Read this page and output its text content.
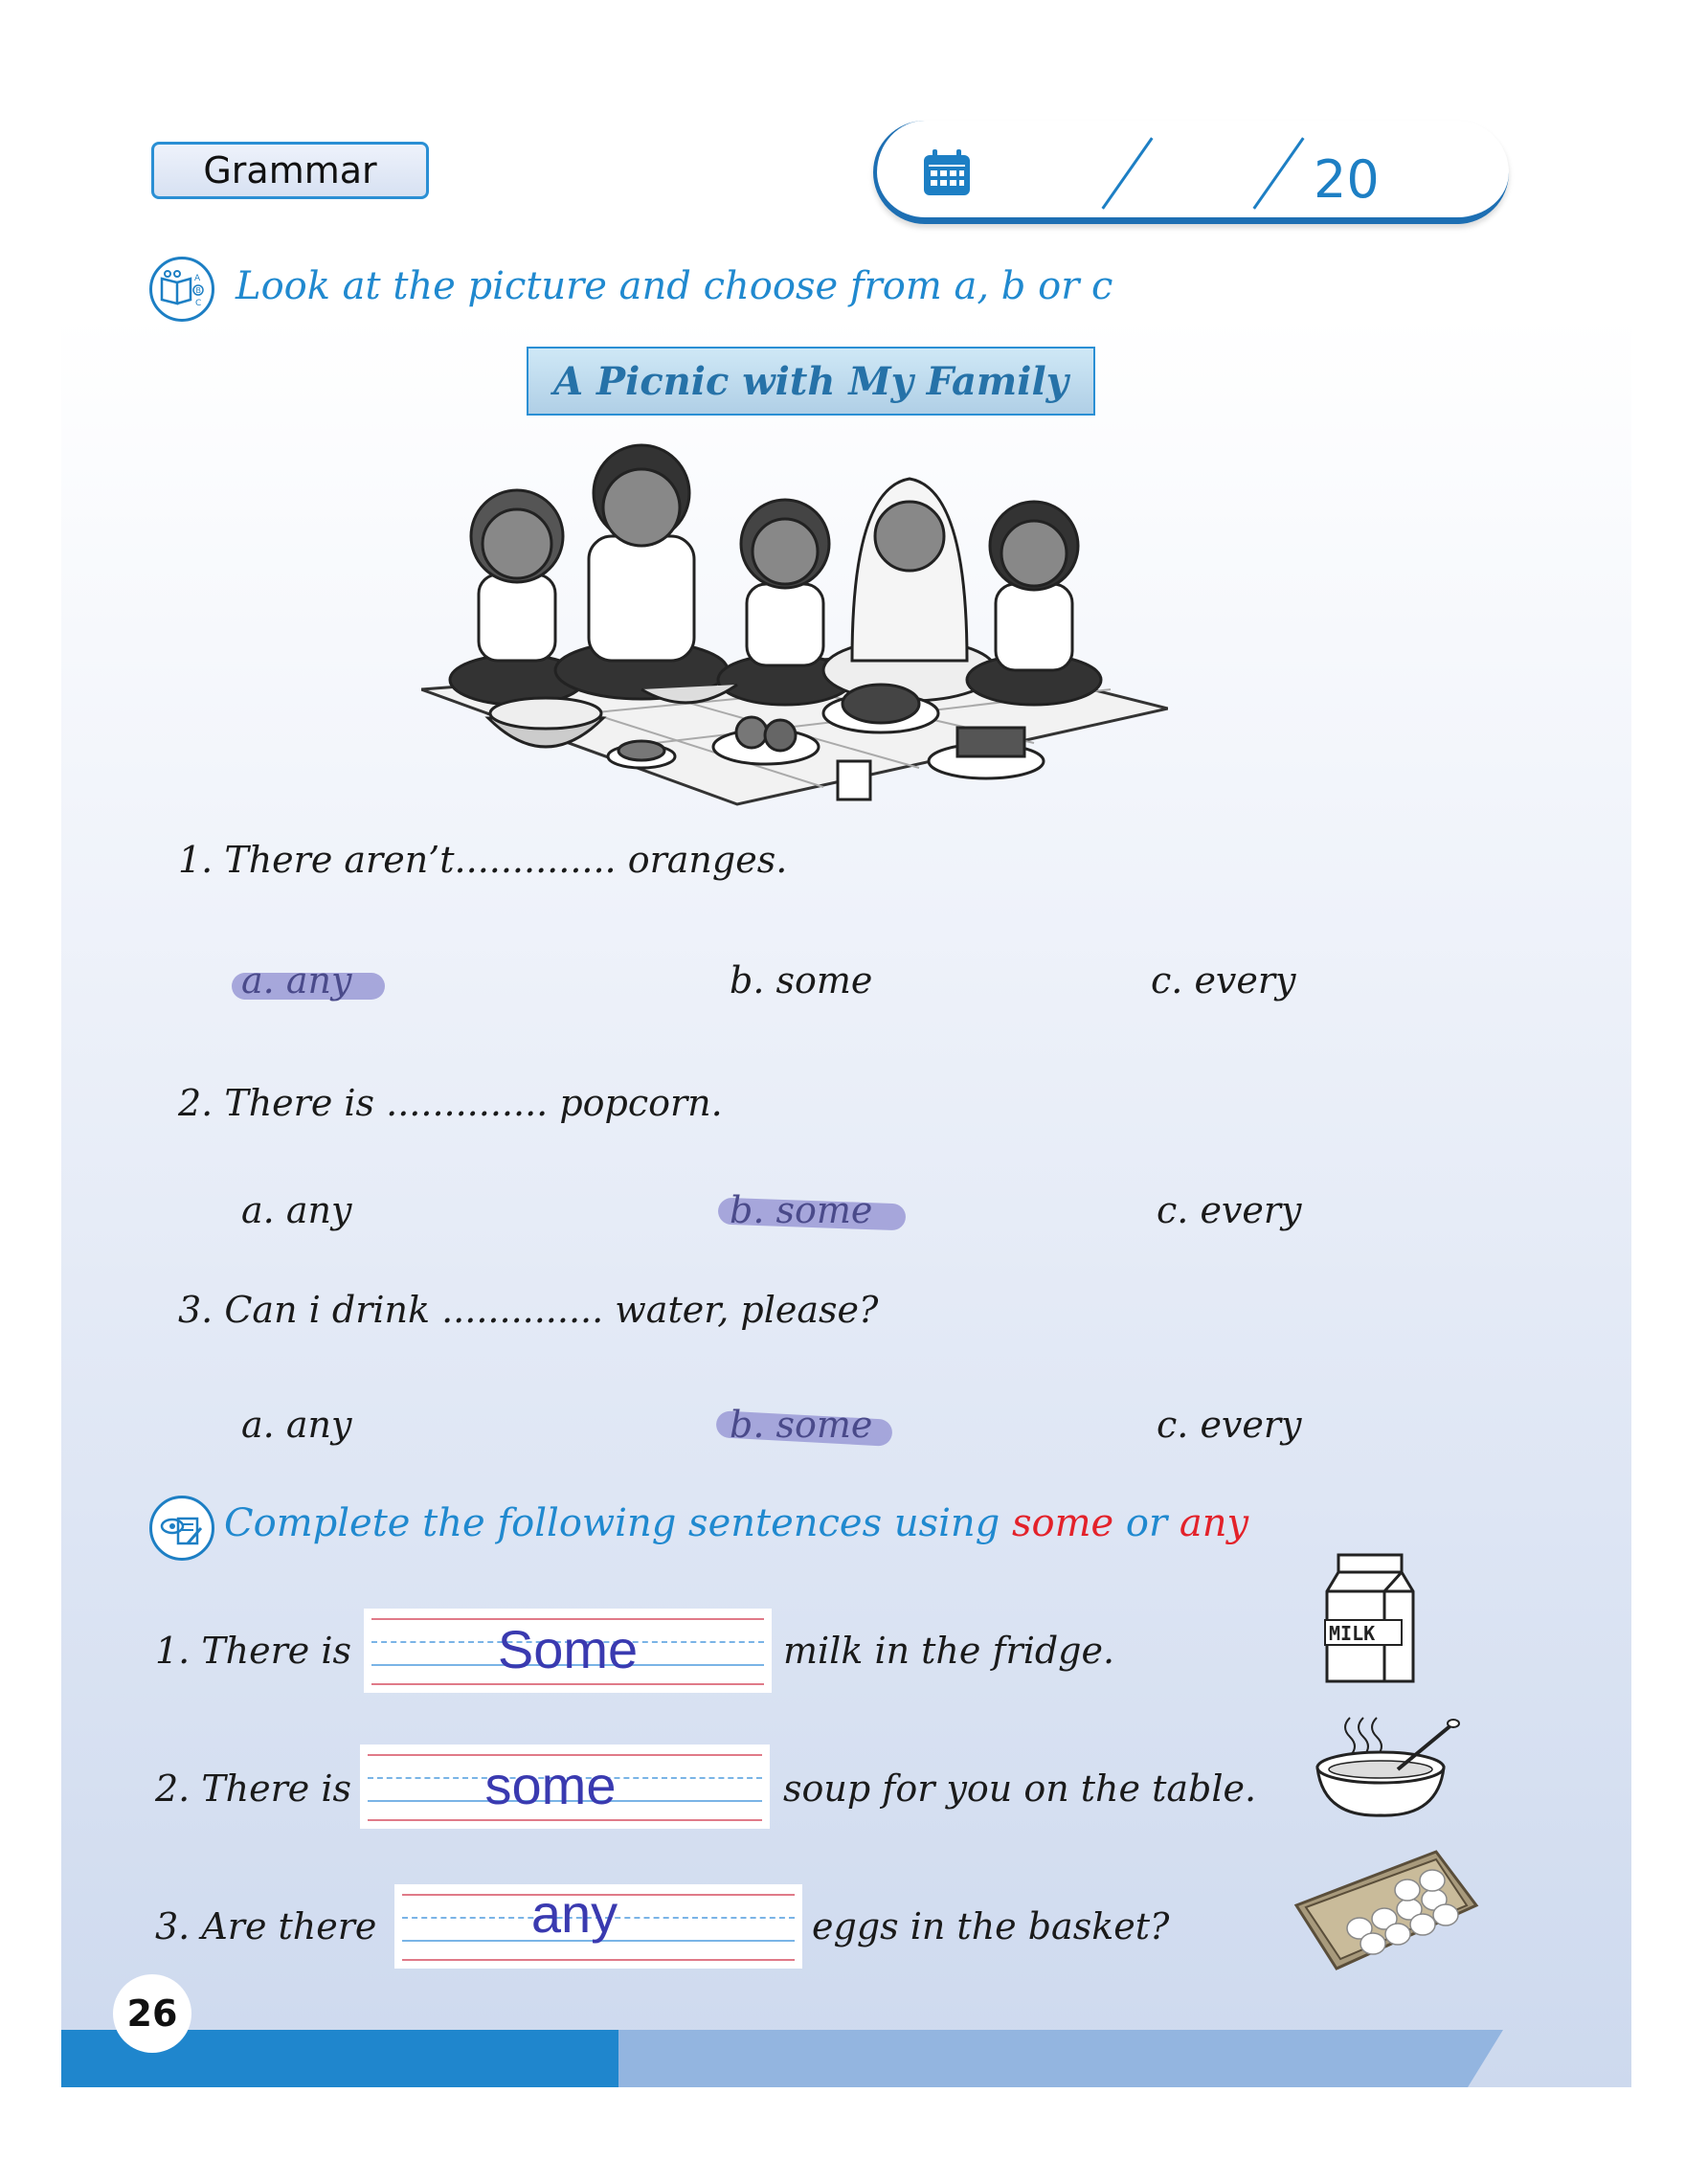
Grammar	20
A
B
C Look at the picture and choose from a, b or c
A Picnic with My Family
1. There aren’t.............. oranges.
a. any	b. some	c. every
2. There is .............. popcorn.
a. any	b. some	c. every
3. Can i drink .............. water, please?
a. any	b. some	c. every
Complete the following sentences using some or any
1. There is	Some	milk in the fridge.	MILK
2. There is	some	soup for you on the table.
3. Are there	any	eggs in the basket?
26
